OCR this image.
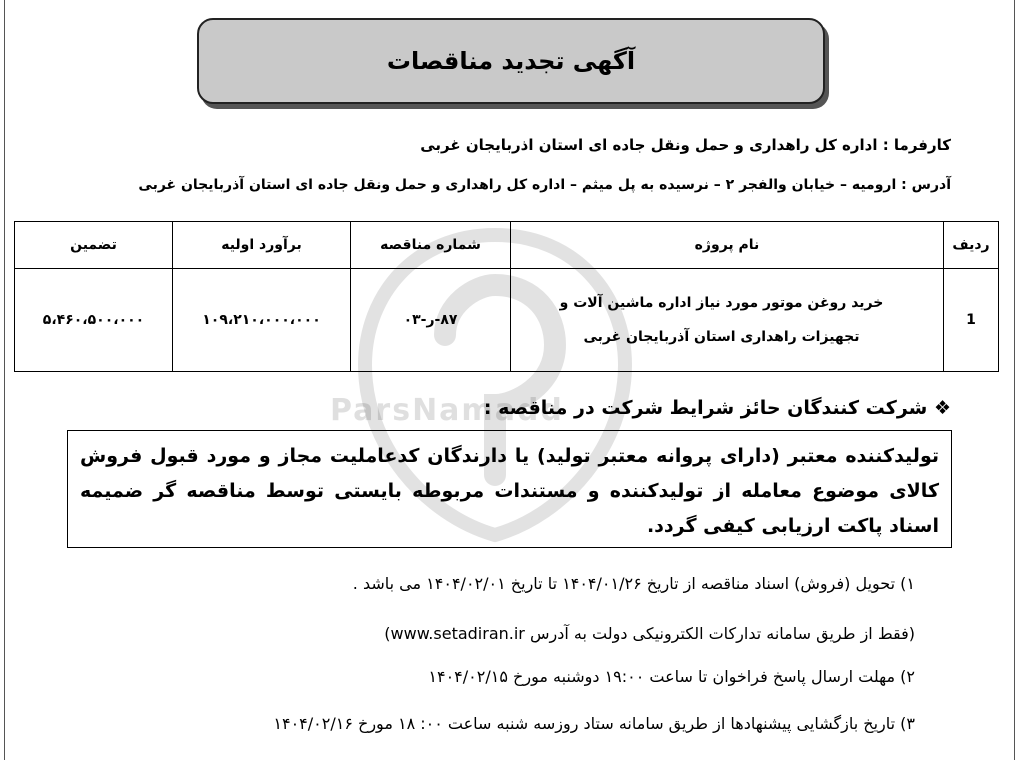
آگهی تجدید مناقصات
کارفرما : اداره کل راهداری و حمل ونقل جاده ای استان اذربایجان غربی
آدرس : ارومیه – خیابان والفجر ۲ – نرسیده به پل میثم – اداره کل راهداری و حمل ونقل جاده ای استان آذربایجان غربی
ردیف	نام پروژه	شماره مناقصه	برآورد اولیه	تضمین
1	خرید روغن موتور مورد نیاز اداره ماشین آلات و
تجهیزات راهداری استان آذربایجان غربی	۸۷-ر-۰۳	۱۰۹،۲۱۰،۰۰۰،۰۰۰	۵،۴۶۰،۵۰۰،۰۰۰
ParsNamadd
❖ شرکت کنندگان حائز شرایط شرکت در مناقصه :
تولیدکننده معتبر (دارای پروانه معتبر تولید) یا دارندگان کدعاملیت مجاز و مورد قبول فروش کالای موضوع معامله از تولیدکننده و مستندات مربوطه بایستی توسط مناقصه گر ضمیمه اسناد پاکت ارزیابی کیفی گردد.
۱) تحویل (فروش) اسناد مناقصه از تاریخ ۱۴۰۴/۰۱/۲۶ تا تاریخ ۱۴۰۴/۰۲/۰۱ می باشد .
(فقط از طریق سامانه تدارکات الکترونیکی دولت به آدرس www.setadiran.ir)
۲) مهلت ارسال پاسخ فراخوان تا ساعت ۱۹:۰۰ دوشنبه مورخ ۱۴۰۴/۰۲/۱۵
۳) تاریخ بازگشایی پیشنهادها از طریق سامانه ستاد روزسه شنبه ساعت ۰۰: ۱۸ مورخ ۱۴۰۴/۰۲/۱۶
